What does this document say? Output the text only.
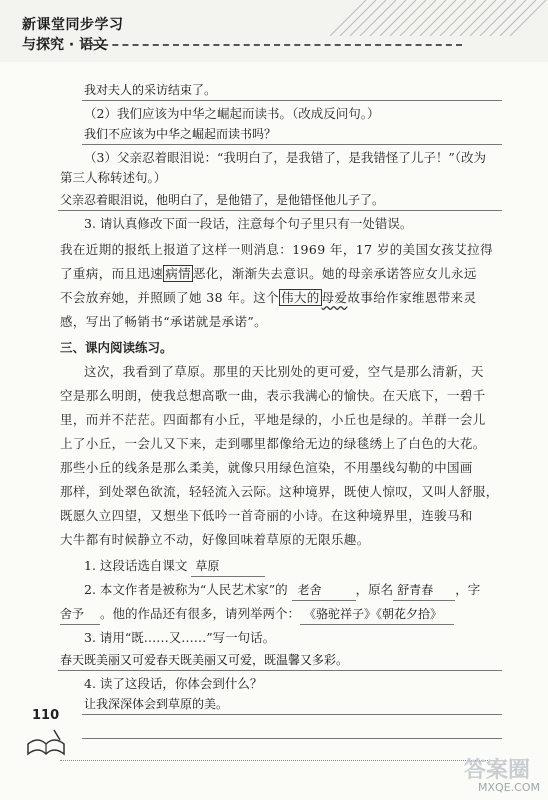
新课堂同步学习
与探究 · 语文
我对夫人的采访结束了。
（2）我们应该为中华之崛起而读书。（改成反问句。）
我们不应该为中华之崛起而读书吗？
（3）父亲忍着眼泪说：“我明白了，是我错了，是我错怪了儿子！”（改为
第三人称转述句。）
父亲忍着眼泪说，他明白了，是他错了，是他错怪他儿子了。
3. 请认真修改下面一段话，注意每个句子里只有一处错误。
我在近期的报纸上报道了这样一则消息：1969 年，17 岁的美国女孩艾拉得
了重病，而且迅速 病情 恶化，渐渐失去意识。她的母亲承诺答应女儿永远
不会放弃她，并照顾了她 38 年。这个 伟大的 母爱故事给作家维恩带来灵
感，写出了畅销书“承诺就是承诺”。
三、课内阅读练习。
这次，我看到了草原。那里的天比别处的更可爱，空气是那么清新，天
空是那么明朗，使我总想高歌一曲，表示我满心的愉快。在天底下，一碧千
里，而并不茫茫。四面都有小丘，平地是绿的，小丘也是绿的。羊群一会儿
上了小丘，一会儿又下来，走到哪里都像给无边的绿毯绣上了白色的大花。
那些小丘的线条是那么柔美，就像只用绿色渲染，不用墨线勾勒的中国画
那样，到处翠色欲流，轻轻流入云际。这种境界，既使人惊叹，又叫人舒服，
既愿久立四望，又想坐下低吟一首奇丽的小诗。在这种境界里，连骏马和
大牛都有时候静立不动，好像回味着草原的无限乐趣。
1. 这段话选自课文 草原
2. 本文作者是被称为“人民艺术家”的 老舍	，原名 舒青春 ，字
舍予 。他的作品还有很多，请列举两个： 《骆驼祥子》《朝花夕拾》
3. 请用“既……又……”写一句话。
春天既美丽又可爱春天既美丽又可爱，既温馨又多彩。
4. 读了这段话，你体会到什么？
让我深深体会到草原的美。
110
答案圈
MXQE.COM
